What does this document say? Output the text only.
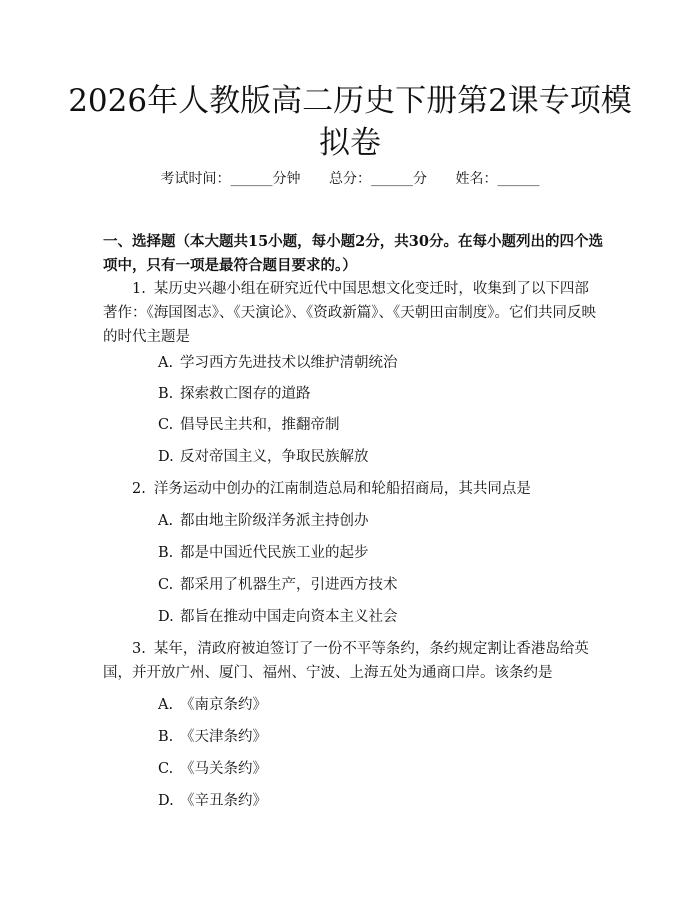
2026年人教版高二历史下册第2课专项模拟卷
考试时间：______分钟 总分：______分 姓名：______
一、选择题（本大题共15小题，每小题2分，共30分。在每小题列出的四个选项中，只有一项是最符合题目要求的。）
1. 某历史兴趣小组在研究近代中国思想文化变迁时，收集到了以下四部著作：《海国图志》、《天演论》、《资政新篇》、《天朝田亩制度》。它们共同反映的时代主题是
A. 学习西方先进技术以维护清朝统治
B. 探索救亡图存的道路
C. 倡导民主共和，推翻帝制
D. 反对帝国主义，争取民族解放
2. 洋务运动中创办的江南制造总局和轮船招商局，其共同点是
A. 都由地主阶级洋务派主持创办
B. 都是中国近代民族工业的起步
C. 都采用了机器生产，引进西方技术
D. 都旨在推动中国走向资本主义社会
3. 某年，清政府被迫签订了一份不平等条约，条约规定割让香港岛给英国，并开放广州、厦门、福州、宁波、上海五处为通商口岸。该条约是
A. 《南京条约》
B. 《天津条约》
C. 《马关条约》
D. 《辛丑条约》
